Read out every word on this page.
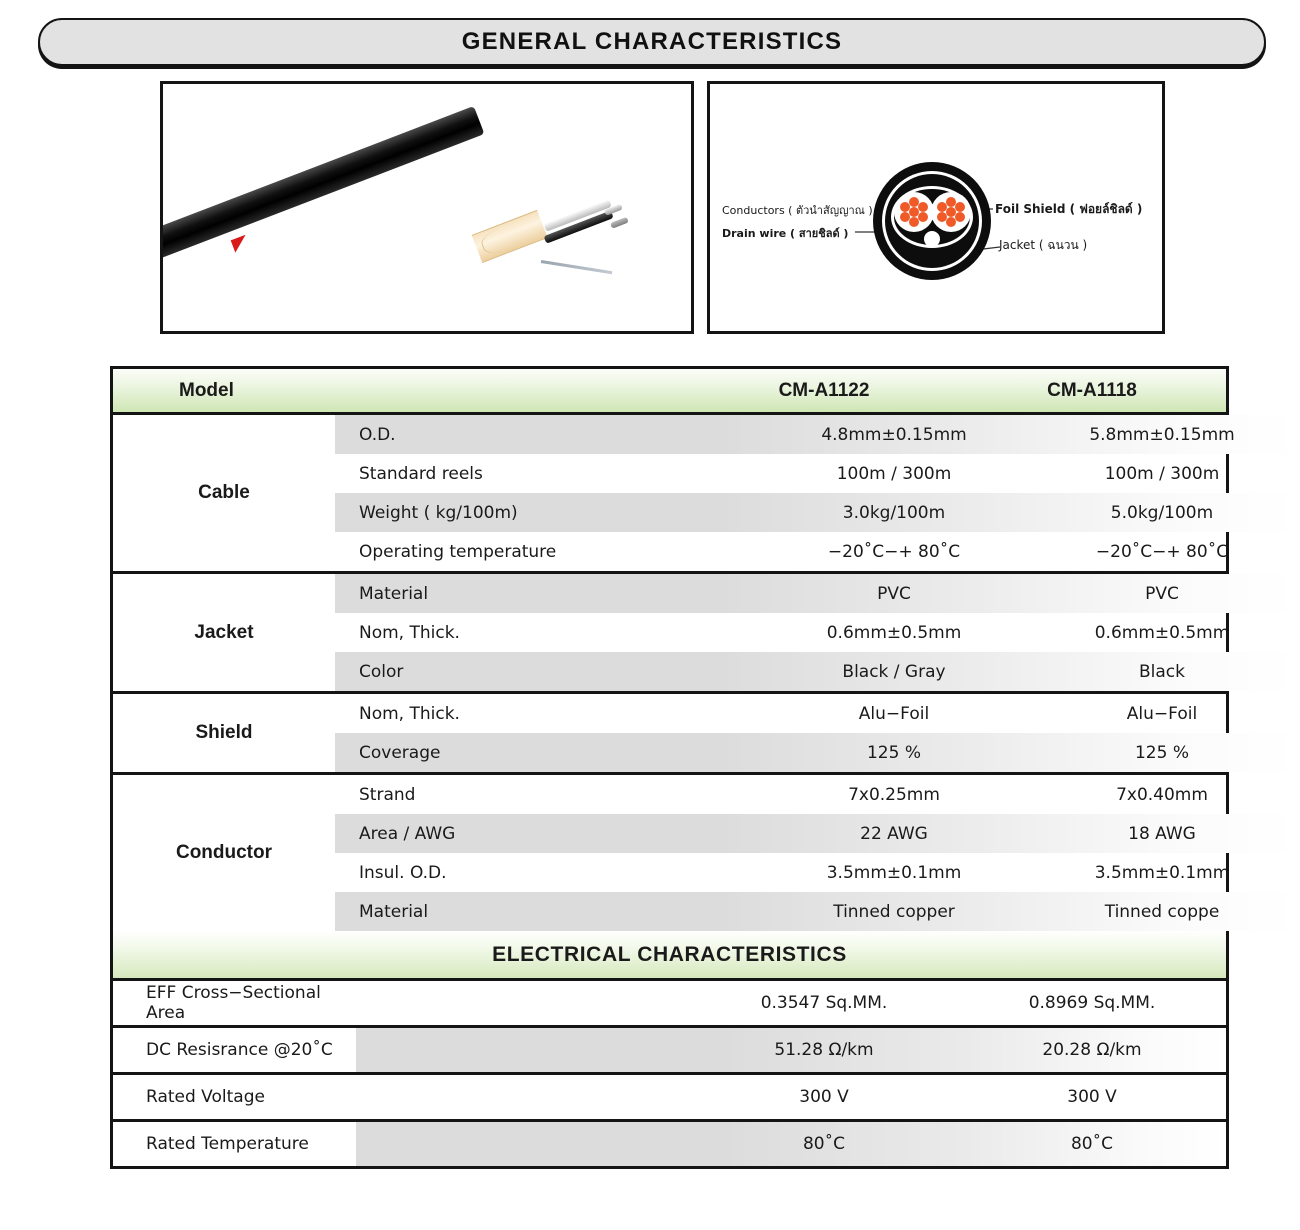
GENERAL CHARACTERISTICS
CM
Conductors ( ตัวนำสัญญาณ )
Drain wire ( สายชิลด์ )
Foil Shield ( ฟอยล์ชิลด์ )
Jacket ( ฉนวน )
Model	CM-A1122	CM-A1118
Cable
O.D.	4.8mm±0.15mm	5.8mm±0.15mm
Standard reels	100m / 300m	100m / 300m
Weight ( kg/100m)	3.0kg/100m	5.0kg/100m
Operating temperature	−20˚C−+ 80˚C	−20˚C−+ 80˚C
Jacket
Material	PVC	PVC
Nom, Thick.	0.6mm±0.5mm	0.6mm±0.5mm
Color	Black / Gray	Black
Shield
Nom, Thick.	Alu−Foil	Alu−Foil
Coverage	125 %	125 %
Conductor
Strand	7x0.25mm	7x0.40mm
Area / AWG	22 AWG	18 AWG
Insul. O.D.	3.5mm±0.1mm	3.5mm±0.1mm
Material	Tinned copper	Tinned coppe
ELECTRICAL CHARACTERISTICS
EFF Cross−Sectional Area	0.3547 Sq.MM.	0.8969 Sq.MM.
DC Resisrance @20˚C	51.28 Ω/km	20.28 Ω/km
Rated Voltage	300 V	300 V
Rated Temperature	80˚C	80˚C
